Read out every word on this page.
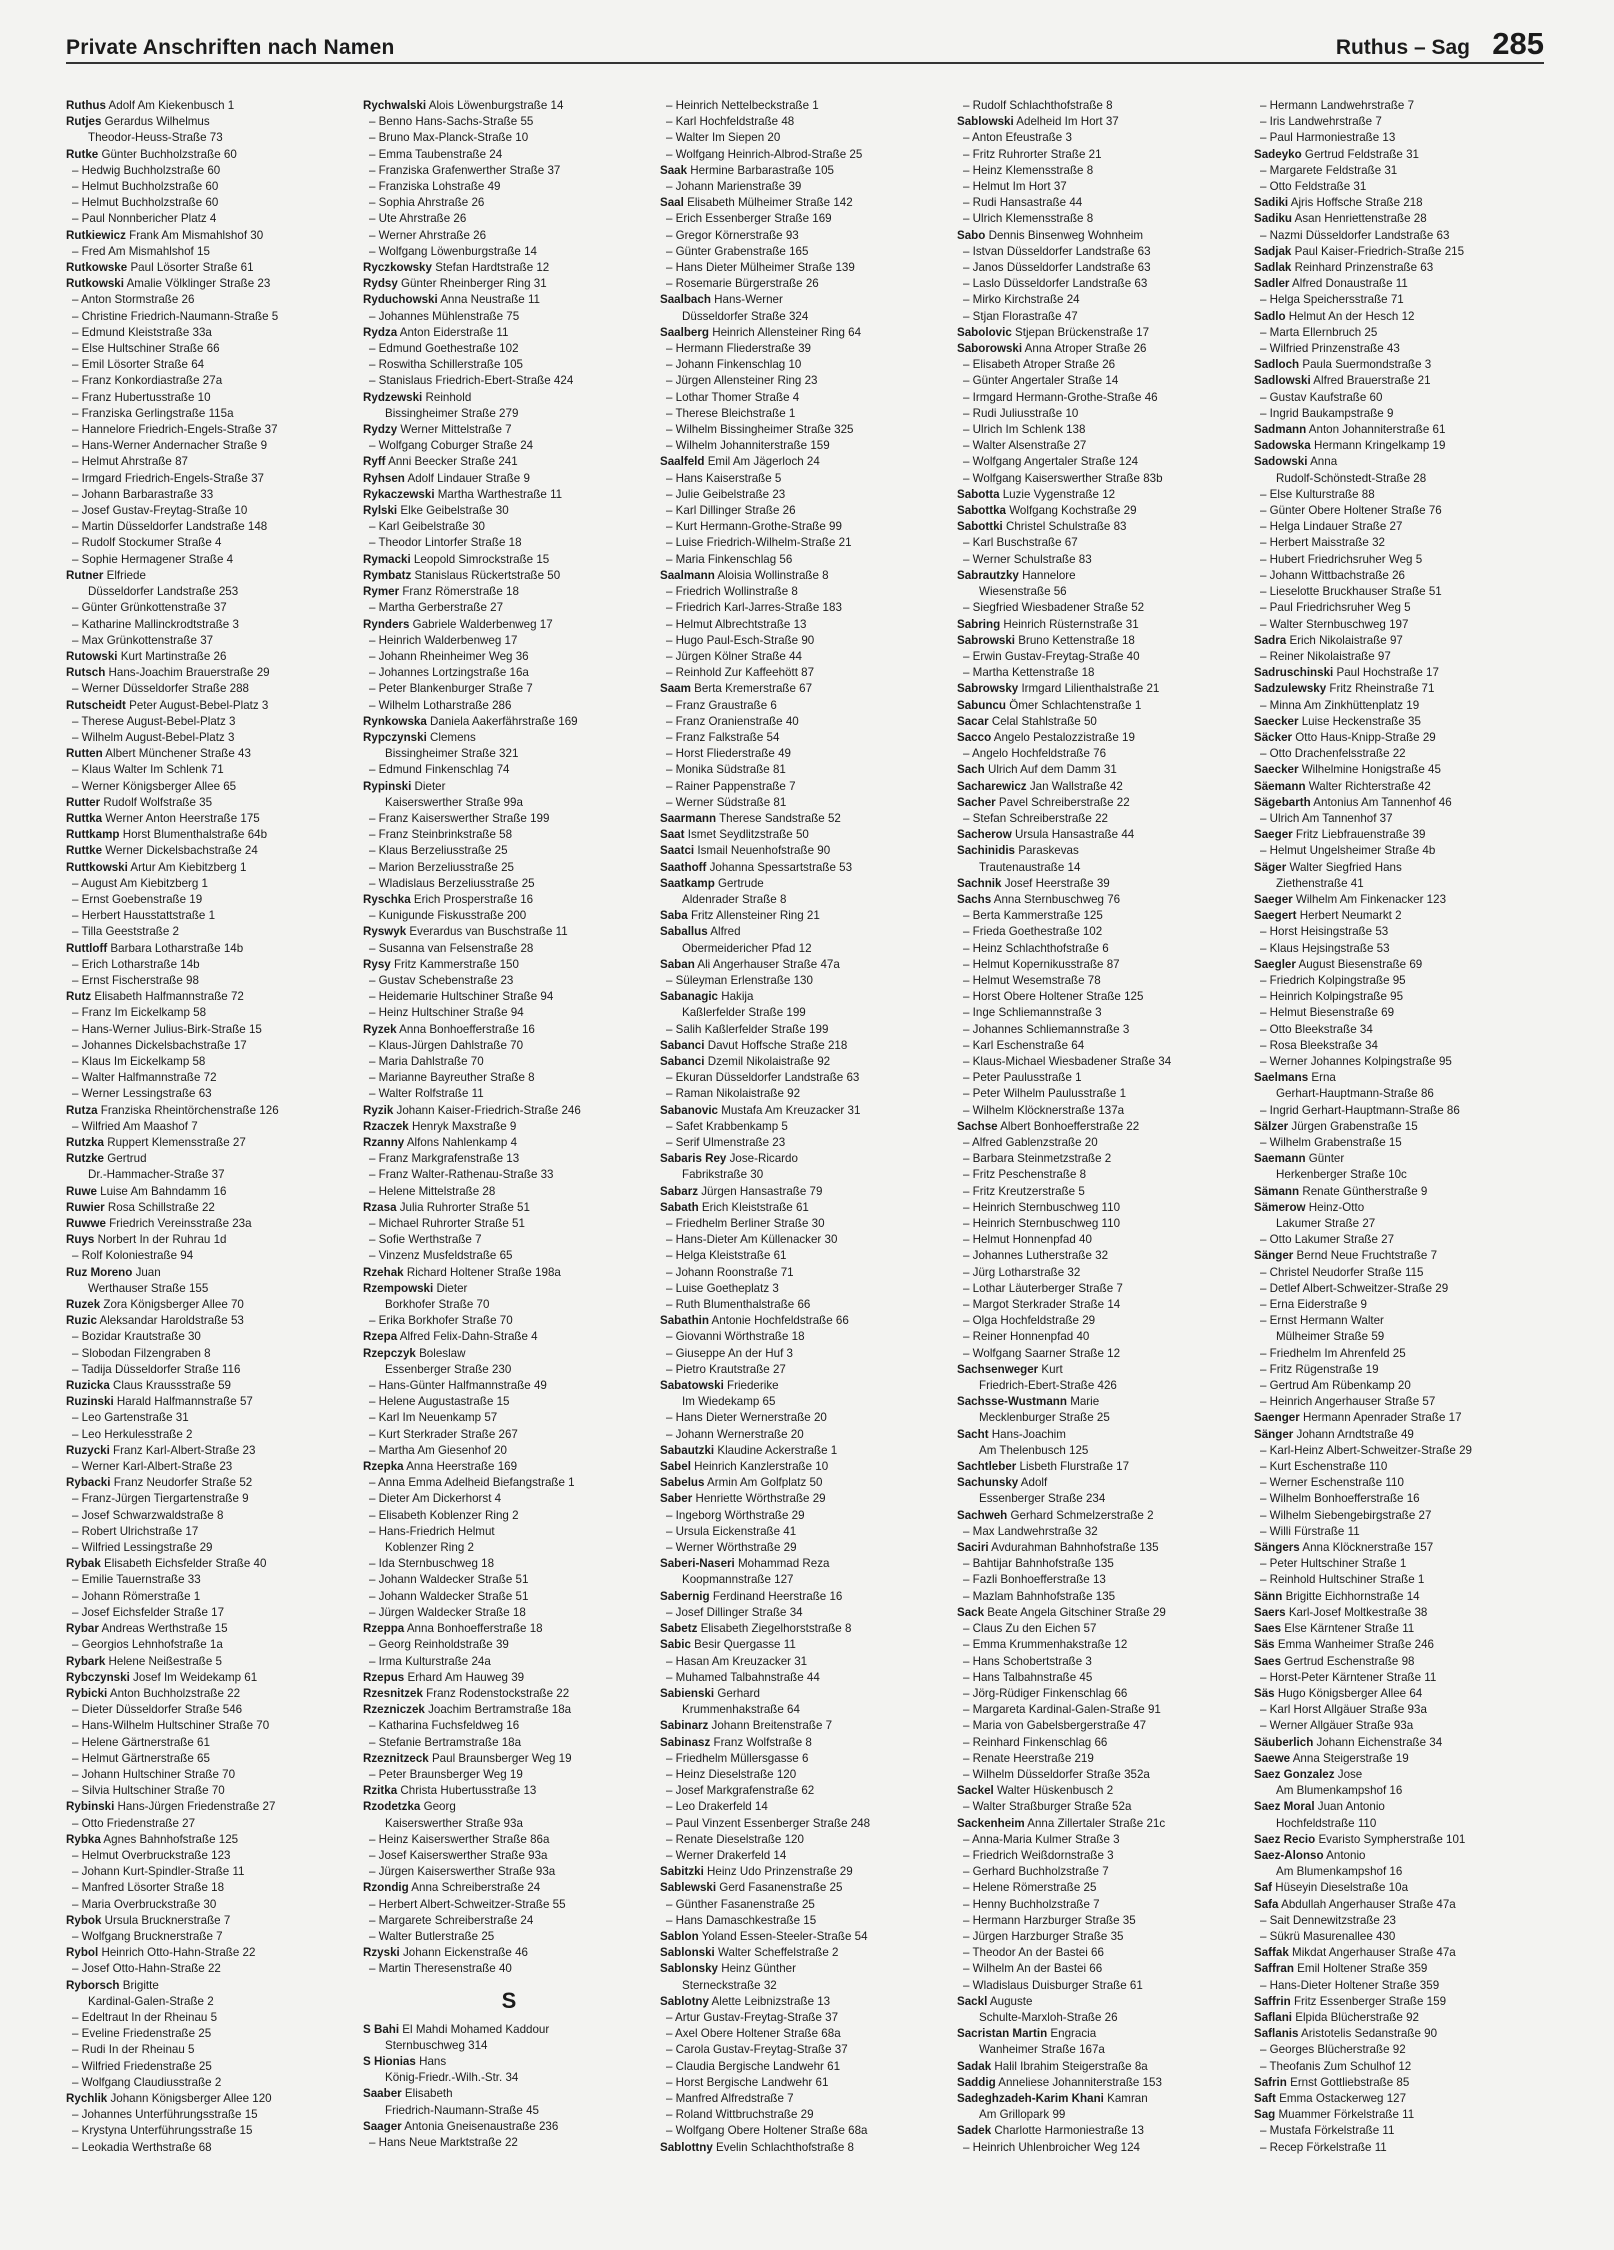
Private Anschriften nach Namen	Ruthus – Sag 285
Ruthus Adolf Am Kiekenbusch 1
Rutjes Gerardus Wilhelmus
Theodor-Heuss-Straße 73
Rutke Günter Buchholzstraße 60
– Hedwig Buchholzstraße 60
– Helmut Buchholzstraße 60
– Helmut Buchholzstraße 60
– Paul Nonnbericher Platz 4
Rutkiewicz Frank Am Mismahlshof 30
– Fred Am Mismahlshof 15
Rutkowske Paul Lösorter Straße 61
Rutkowski Amalie Völklinger Straße 23
– Anton Stormstraße 26
– Christine Friedrich-Naumann-Straße 5
– Edmund Kleiststraße 33a
– Else Hultschiner Straße 66
– Emil Lösorter Straße 64
– Franz Konkordiastraße 27a
– Franz Hubertusstraße 10
– Franziska Gerlingstraße 115a
– Hannelore Friedrich-Engels-Straße 37
– Hans-Werner Andernacher Straße 9
– Helmut Ahrstraße 87
– Irmgard Friedrich-Engels-Straße 37
– Johann Barbarastraße 33
– Josef Gustav-Freytag-Straße 10
– Martin Düsseldorfer Landstraße 148
– Rudolf Stockumer Straße 4
– Sophie Hermagener Straße 4
Rutner Elfriede
Düsseldorfer Landstraße 253
– Günter Grünkottenstraße 37
– Katharine Mallinckrodtstraße 3
– Max Grünkottenstraße 37
Rutowski Kurt Martinstraße 26
Rutsch Hans-Joachim Brauerstraße 29
– Werner Düsseldorfer Straße 288
Rutscheidt Peter August-Bebel-Platz 3
– Therese August-Bebel-Platz 3
– Wilhelm August-Bebel-Platz 3
Rutten Albert Münchener Straße 43
– Klaus Walter Im Schlenk 71
– Werner Königsberger Allee 65
Rutter Rudolf Wolfstraße 35
Ruttka Werner Anton Heerstraße 175
Ruttkamp Horst Blumenthalstraße 64b
Ruttke Werner Dickelsbachstraße 24
Ruttkowski Artur Am Kiebitzberg 1
– August Am Kiebitzberg 1
– Ernst Goebenstraße 19
– Herbert Hausstattstraße 1
– Tilla Geeststraße 2
Ruttloff Barbara Lotharstraße 14b
– Erich Lotharstraße 14b
– Ernst Fischerstraße 98
Rutz Elisabeth Halfmannstraße 72
– Franz Im Eickelkamp 58
– Hans-Werner Julius-Birk-Straße 15
– Johannes Dickelsbachstraße 17
– Klaus Im Eickelkamp 58
– Walter Halfmannstraße 72
– Werner Lessingstraße 63
Rutza Franziska Rheintörchenstraße 126
– Wilfried Am Maashof 7
Rutzka Ruppert Klemensstraße 27
Rutzke Gertrud
Dr.-Hammacher-Straße 37
Ruwe Luise Am Bahndamm 16
Ruwier Rosa Schillstraße 22
Ruwwe Friedrich Vereinsstraße 23a
Ruys Norbert In der Ruhrau 1d
– Rolf Koloniestraße 94
Ruz Moreno Juan
Werthauser Straße 155
Ruzek Zora Königsberger Allee 70
Ruzic Aleksandar Haroldstraße 53
– Bozidar Krautstraße 30
– Slobodan Filzengraben 8
– Tadija Düsseldorfer Straße 116
Ruzicka Claus Kraussstraße 59
Ruzinski Harald Halfmannstraße 57
– Leo Gartenstraße 31
– Leo Herkulesstraße 2
Ruzycki Franz Karl-Albert-Straße 23
– Werner Karl-Albert-Straße 23
Rybacki Franz Neudorfer Straße 52
– Franz-Jürgen Tiergartenstraße 9
– Josef Schwarzwaldstraße 8
– Robert Ulrichstraße 17
– Wilfried Lessingstraße 29
Rybak Elisabeth Eichsfelder Straße 40
– Emilie Tauernstraße 33
– Johann Römerstraße 1
– Josef Eichsfelder Straße 17
Rybar Andreas Werthstraße 15
– Georgios Lehnhofstraße 1a
Rybark Helene Neißestraße 5
Rybczynski Josef Im Weidekamp 61
Rybicki Anton Buchholzstraße 22
– Dieter Düsseldorfer Straße 546
– Hans-Wilhelm Hultschiner Straße 70
– Helene Gärtnerstraße 61
– Helmut Gärtnerstraße 65
– Johann Hultschiner Straße 70
– Silvia Hultschiner Straße 70
Rybinski Hans-Jürgen Friedenstraße 27
– Otto Friedenstraße 27
Rybka Agnes Bahnhofstraße 125
– Helmut Overbruckstraße 123
– Johann Kurt-Spindler-Straße 11
– Manfred Lösorter Straße 18
– Maria Overbruckstraße 30
Rybok Ursula Brucknerstraße 7
– Wolfgang Brucknerstraße 7
Rybol Heinrich Otto-Hahn-Straße 22
– Josef Otto-Hahn-Straße 22
Ryborsch Brigitte
Kardinal-Galen-Straße 2
– Edeltraut In der Rheinau 5
– Eveline Friedenstraße 25
– Rudi In der Rheinau 5
– Wilfried Friedenstraße 25
– Wolfgang Claudiusstraße 2
Rychlik Johann Königsberger Allee 120
– Johannes Unterführungsstraße 15
– Krystyna Unterführungsstraße 15
– Leokadia Werthstraße 68
Rychwalski Alois Löwenburgstraße 14
– Benno Hans-Sachs-Straße 55
– Bruno Max-Planck-Straße 10
– Emma Taubenstraße 24
– Franziska Grafenwerther Straße 37
– Franziska Lohstraße 49
– Sophia Ahrstraße 26
– Ute Ahrstraße 26
– Werner Ahrstraße 26
– Wolfgang Löwenburgstraße 14
Ryczkowsky Stefan Hardtstraße 12
Rydsy Günter Rheinberger Ring 31
Ryduchowski Anna Neustraße 11
– Johannes Mühlenstraße 75
Rydza Anton Eiderstraße 11
– Edmund Goethestraße 102
– Roswitha Schillerstraße 105
– Stanislaus Friedrich-Ebert-Straße 424
Rydzewski Reinhold
Bissingheimer Straße 279
Rydzy Werner Mittelstraße 7
– Wolfgang Coburger Straße 24
Ryff Anni Beecker Straße 241
Ryhsen Adolf Lindauer Straße 9
Rykaczewski Martha Warthestraße 11
Rylski Elke Geibelstraße 30
– Karl Geibelstraße 30
– Theodor Lintorfer Straße 18
Rymacki Leopold Simrockstraße 15
Rymbatz Stanislaus Rückertstraße 50
Rymer Franz Römerstraße 18
– Martha Gerberstraße 27
Rynders Gabriele Walderbenweg 17
– Heinrich Walderbenweg 17
– Johann Rheinheimer Weg 36
– Johannes Lortzingstraße 16a
– Peter Blankenburger Straße 7
– Wilhelm Lotharstraße 286
Rynkowska Daniela Aakerfährstraße 169
Rypczynski Clemens
Bissingheimer Straße 321
– Edmund Finkenschlag 74
Rypinski Dieter
Kaiserswerther Straße 99a
– Franz Kaiserswerther Straße 199
– Franz Steinbrinkstraße 58
– Klaus Berzeliusstraße 25
– Marion Berzeliusstraße 25
– Wladislaus Berzeliusstraße 25
Ryschka Erich Prosperstraße 16
– Kunigunde Fiskusstraße 200
Ryswyk Everardus van Buschstraße 11
– Susanna van Felsenstraße 28
Rysy Fritz Kammerstraße 150
– Gustav Schebenstraße 23
– Heidemarie Hultschiner Straße 94
– Heinz Hultschiner Straße 94
Ryzek Anna Bonhoefferstraße 16
– Klaus-Jürgen Dahlstraße 70
– Maria Dahlstraße 70
– Marianne Bayreuther Straße 8
– Walter Rolfstraße 11
Ryzik Johann Kaiser-Friedrich-Straße 246
Rzaczek Henryk Maxstraße 9
Rzanny Alfons Nahlenkamp 4
– Franz Markgrafenstraße 13
– Franz Walter-Rathenau-Straße 33
– Helene Mittelstraße 28
Rzasa Julia Ruhrorter Straße 51
– Michael Ruhrorter Straße 51
– Sofie Werthstraße 7
– Vinzenz Musfeldstraße 65
Rzehak Richard Holtener Straße 198a
Rzempowski Dieter
Borkhofer Straße 70
– Erika Borkhofer Straße 70
Rzepa Alfred Felix-Dahn-Straße 4
Rzepczyk Boleslaw
Essenberger Straße 230
– Hans-Günter Halfmannstraße 49
– Helene Augustastraße 15
– Karl Im Neuenkamp 57
– Kurt Sterkrader Straße 267
– Martha Am Giesenhof 20
Rzepka Anna Heerstraße 169
– Anna Emma Adelheid Biefangstraße 1
– Dieter Am Dickerhorst 4
– Elisabeth Koblenzer Ring 2
– Hans-Friedrich Helmut
Koblenzer Ring 2
– Ida Sternbuschweg 18
– Johann Waldecker Straße 51
– Johann Waldecker Straße 51
– Jürgen Waldecker Straße 18
Rzeppa Anna Bonhoefferstraße 18
– Georg Reinholdstraße 39
– Irma Kulturstraße 24a
Rzepus Erhard Am Hauweg 39
Rzesnitzek Franz Rodenstockstraße 22
Rzezniczek Joachim Bertramstraße 18a
– Katharina Fuchsfeldweg 16
– Stefanie Bertramstraße 18a
Rzeznitzeck Paul Braunsberger Weg 19
– Peter Braunsberger Weg 19
Rzitka Christa Hubertusstraße 13
Rzodetzka Georg
Kaiserswerther Straße 93a
– Heinz Kaiserswerther Straße 86a
– Josef Kaiserswerther Straße 93a
– Jürgen Kaiserswerther Straße 93a
Rzondig Anna Schreiberstraße 24
– Herbert Albert-Schweitzer-Straße 55
– Margarete Schreiberstraße 24
– Walter Butlerstraße 25
Rzyski Johann Eickenstraße 46
– Martin Theresenstraße 40
S
S Bahi El Mahdi Mohamed Kaddour
Sternbuschweg 314
S Hionias Hans
König-Friedr.-Wilh.-Str. 34
Saaber Elisabeth
Friedrich-Naumann-Straße 45
Saager Antonia Gneisenaustraße 236
– Hans Neue Marktstraße 22
– Heinrich Nettelbeckstraße 1
– Karl Hochfeldstraße 48
– Walter Im Siepen 20
– Wolfgang Heinrich-Albrod-Straße 25
Saak Hermine Barbarastraße 105
– Johann Marienstraße 39
Saal Elisabeth Mülheimer Straße 142
– Erich Essenberger Straße 169
– Gregor Körnerstraße 93
– Günter Grabenstraße 165
– Hans Dieter Mülheimer Straße 139
– Rosemarie Bürgerstraße 26
Saalbach Hans-Werner
Düsseldorfer Straße 324
Saalberg Heinrich Allensteiner Ring 64
– Hermann Fliederstraße 39
– Johann Finkenschlag 10
– Jürgen Allensteiner Ring 23
– Lothar Thomer Straße 4
– Therese Bleichstraße 1
– Wilhelm Bissingheimer Straße 325
– Wilhelm Johanniterstraße 159
Saalfeld Emil Am Jägerloch 24
– Hans Kaiserstraße 5
– Julie Geibelstraße 23
– Karl Dillinger Straße 26
– Kurt Hermann-Grothe-Straße 99
– Luise Friedrich-Wilhelm-Straße 21
– Maria Finkenschlag 56
Saalmann Aloisia Wollinstraße 8
– Friedrich Wollinstraße 8
– Friedrich Karl-Jarres-Straße 183
– Helmut Albrechtstraße 13
– Hugo Paul-Esch-Straße 90
– Jürgen Kölner Straße 44
– Reinhold Zur Kaffeehött 87
Saam Berta Kremerstraße 67
– Franz Graustraße 6
– Franz Oranienstraße 40
– Franz Falkstraße 54
– Horst Fliederstraße 49
– Monika Südstraße 81
– Rainer Pappenstraße 7
– Werner Südstraße 81
Saarmann Therese Sandstraße 52
Saat Ismet Seydlitzstraße 50
Saatci Ismail Neuenhofstraße 90
Saathoff Johanna Spessartstraße 53
Saatkamp Gertrude
Aldenrader Straße 8
Saba Fritz Allensteiner Ring 21
Saballus Alfred
Obermeidericher Pfad 12
Saban Ali Angerhauser Straße 47a
– Süleyman Erlenstraße 130
Sabanagic Hakija
Kaßlerfelder Straße 199
– Salih Kaßlerfelder Straße 199
Sabanci Davut Hoffsche Straße 218
Sabanci Dzemil Nikolaistraße 92
– Ekuran Düsseldorfer Landstraße 63
– Raman Nikolaistraße 92
Sabanovic Mustafa Am Kreuzacker 31
– Safet Krabbenkamp 5
– Serif Ulmenstraße 23
Sabaris Rey Jose-Ricardo
Fabrikstraße 30
Sabarz Jürgen Hansastraße 79
Sabath Erich Kleiststraße 61
– Friedhelm Berliner Straße 30
– Hans-Dieter Am Küllenacker 30
– Helga Kleiststraße 61
– Johann Roonstraße 71
– Luise Goetheplatz 3
– Ruth Blumenthalstraße 66
Sabathin Antonie Hochfeldstraße 66
– Giovanni Wörthstraße 18
– Giuseppe An der Huf 3
– Pietro Krautstraße 27
Sabatowski Friederike
Im Wiedekamp 65
– Hans Dieter Wernerstraße 20
– Johann Wernerstraße 20
Sabautzki Klaudine Ackerstraße 1
Sabel Heinrich Kanzlerstraße 10
Sabelus Armin Am Golfplatz 50
Saber Henriette Wörthstraße 29
– Ingeborg Wörthstraße 29
– Ursula Eickenstraße 41
– Werner Wörthstraße 29
Saberi-Naseri Mohammad Reza
Koopmannstraße 127
Sabernig Ferdinand Heerstraße 16
– Josef Dillinger Straße 34
Sabetz Elisabeth Ziegelhorststraße 8
Sabic Besir Quergasse 11
– Hasan Am Kreuzacker 31
– Muhamed Talbahnstraße 44
Sabienski Gerhard
Krummenhakstraße 64
Sabinarz Johann Breitenstraße 7
Sabinasz Franz Wolfstraße 8
– Friedhelm Müllersgasse 6
– Heinz Dieselstraße 120
– Josef Markgrafenstraße 62
– Leo Drakerfeld 14
– Paul Vinzent Essenberger Straße 248
– Renate Dieselstraße 120
– Werner Drakerfeld 14
Sabitzki Heinz Udo Prinzenstraße 29
Sablewski Gerd Fasanenstraße 25
– Günther Fasanenstraße 25
– Hans Damaschkestraße 15
Sablon Yoland Essen-Steeler-Straße 54
Sablonski Walter Scheffelstraße 2
Sablonsky Heinz Günther
Sterneckstraße 32
Sablotny Alette Leibnizstraße 13
– Artur Gustav-Freytag-Straße 37
– Axel Obere Holtener Straße 68a
– Carola Gustav-Freytag-Straße 37
– Claudia Bergische Landwehr 61
– Horst Bergische Landwehr 61
– Manfred Alfredstraße 7
– Roland Wittbruchstraße 29
– Wolfgang Obere Holtener Straße 68a
Sablottny Evelin Schlachthofstraße 8
– Rudolf Schlachthofstraße 8
Sablowski Adelheid Im Hort 37
– Anton Efeustraße 3
– Fritz Ruhrorter Straße 21
– Heinz Klemensstraße 8
– Helmut Im Hort 37
– Rudi Hansastraße 44
– Ulrich Klemensstraße 8
Sabo Dennis Binsenweg Wohnheim
– Istvan Düsseldorfer Landstraße 63
– Janos Düsseldorfer Landstraße 63
– Laslo Düsseldorfer Landstraße 63
– Mirko Kirchstraße 24
– Stjan Florastraße 47
Sabolovic Stjepan Brückenstraße 17
Saborowski Anna Atroper Straße 26
– Elisabeth Atroper Straße 26
– Günter Angertaler Straße 14
– Irmgard Hermann-Grothe-Straße 46
– Rudi Juliusstraße 10
– Ulrich Im Schlenk 138
– Walter Alsenstraße 27
– Wolfgang Angertaler Straße 124
– Wolfgang Kaiserswerther Straße 83b
Sabotta Luzie Vygenstraße 12
Sabottka Wolfgang Kochstraße 29
Sabottki Christel Schulstraße 83
– Karl Buschstraße 67
– Werner Schulstraße 83
Sabrautzky Hannelore
Wiesenstraße 56
– Siegfried Wiesbadener Straße 52
Sabring Heinrich Rüsternstraße 31
Sabrowski Bruno Kettenstraße 18
– Erwin Gustav-Freytag-Straße 40
– Martha Kettenstraße 18
Sabrowsky Irmgard Lilienthalstraße 21
Sabuncu Ömer Schlachtenstraße 1
Sacar Celal Stahlstraße 50
Sacco Angelo Pestalozzistraße 19
– Angelo Hochfeldstraße 76
Sach Ulrich Auf dem Damm 31
Sacharewicz Jan Wallstraße 42
Sacher Pavel Schreiberstraße 22
– Stefan Schreiberstraße 22
Sacherow Ursula Hansastraße 44
Sachinidis Paraskevas
Trautenaustraße 14
Sachnik Josef Heerstraße 39
Sachs Anna Sternbuschweg 76
– Berta Kammerstraße 125
– Frieda Goethestraße 102
– Heinz Schlachthofstraße 6
– Helmut Kopernikusstraße 87
– Helmut Wesemstraße 78
– Horst Obere Holtener Straße 125
– Inge Schliemannstraße 3
– Johannes Schliemannstraße 3
– Karl Eschenstraße 64
– Klaus-Michael Wiesbadener Straße 34
– Peter Paulusstraße 1
– Peter Wilhelm Paulusstraße 1
– Wilhelm Klöcknerstraße 137a
Sachse Albert Bonhoefferstraße 22
– Alfred Gablenzstraße 20
– Barbara Steinmetzstraße 2
– Fritz Peschenstraße 8
– Fritz Kreutzerstraße 5
– Heinrich Sternbuschweg 110
– Heinrich Sternbuschweg 110
– Helmut Honnenpfad 40
– Johannes Lutherstraße 32
– Jürg Lotharstraße 32
– Lothar Läuterberger Straße 7
– Margot Sterkrader Straße 14
– Olga Hochfeldstraße 29
– Reiner Honnenpfad 40
– Wolfgang Saarner Straße 12
Sachsenweger Kurt
Friedrich-Ebert-Straße 426
Sachsse-Wustmann Marie
Mecklenburger Straße 25
Sacht Hans-Joachim
Am Thelenbusch 125
Sachtleber Lisbeth Flurstraße 17
Sachunsky Adolf
Essenberger Straße 234
Sachweh Gerhard Schmelzerstraße 2
– Max Landwehrstraße 32
Saciri Avdurahman Bahnhofstraße 135
– Bahtijar Bahnhofstraße 135
– Fazli Bonhoefferstraße 13
– Mazlam Bahnhofstraße 135
Sack Beate Angela Gitschiner Straße 29
– Claus Zu den Eichen 57
– Emma Krummenhakstraße 12
– Hans Schobertstraße 3
– Hans Talbahnstraße 45
– Jörg-Rüdiger Finkenschlag 66
– Margareta Kardinal-Galen-Straße 91
– Maria von Gabelsbergerstraße 47
– Reinhard Finkenschlag 66
– Renate Heerstraße 219
– Wilhelm Düsseldorfer Straße 352a
Sackel Walter Hüskenbusch 2
– Walter Straßburger Straße 52a
Sackenheim Anna Zillertaler Straße 21c
– Anna-Maria Kulmer Straße 3
– Friedrich Weißdornstraße 3
– Gerhard Buchholzstraße 7
– Helene Römerstraße 25
– Henny Buchholzstraße 7
– Hermann Harzburger Straße 35
– Jürgen Harzburger Straße 35
– Theodor An der Bastei 66
– Wilhelm An der Bastei 66
– Wladislaus Duisburger Straße 61
Sackl Auguste
Schulte-Marxloh-Straße 26
Sacristan Martin Engracia
Wanheimer Straße 167a
Sadak Halil Ibrahim Steigerstraße 8a
Saddig Anneliese Johanniterstraße 153
Sadeghzadeh-Karim Khani Kamran
Am Grillopark 99
Sadek Charlotte Harmoniestraße 13
– Heinrich Uhlenbroicher Weg 124
– Hermann Landwehrstraße 7
– Iris Landwehrstraße 7
– Paul Harmoniestraße 13
Sadeyko Gertrud Feldstraße 31
– Margarete Feldstraße 31
– Otto Feldstraße 31
Sadiki Ajris Hoffsche Straße 218
Sadiku Asan Henriettenstraße 28
– Nazmi Düsseldorfer Landstraße 63
Sadjak Paul Kaiser-Friedrich-Straße 215
Sadlak Reinhard Prinzenstraße 63
Sadler Alfred Donaustraße 11
– Helga Speichersstraße 71
Sadlo Helmut An der Hesch 12
– Marta Ellernbruch 25
– Wilfried Prinzenstraße 43
Sadloch Paula Suermondstraße 3
Sadlowski Alfred Brauerstraße 21
– Gustav Kaufstraße 60
– Ingrid Baukampstraße 9
Sadmann Anton Johanniterstraße 61
Sadowska Hermann Kringelkamp 19
Sadowski Anna
Rudolf-Schönstedt-Straße 28
– Else Kulturstraße 88
– Günter Obere Holtener Straße 76
– Helga Lindauer Straße 27
– Herbert Maisstraße 32
– Hubert Friedrichsruher Weg 5
– Johann Wittbachstraße 26
– Lieselotte Bruckhauser Straße 51
– Paul Friedrichsruher Weg 5
– Walter Sternbuschweg 197
Sadra Erich Nikolaistraße 97
– Reiner Nikolaistraße 97
Sadruschinski Paul Hochstraße 17
Sadzulewsky Fritz Rheinstraße 71
– Minna Am Zinkhüttenplatz 19
Saecker Luise Heckenstraße 35
Säcker Otto Haus-Knipp-Straße 29
– Otto Drachenfelsstraße 22
Saecker Wilhelmine Honigstraße 45
Säemann Walter Richterstraße 42
Sägebarth Antonius Am Tannenhof 46
– Ulrich Am Tannenhof 37
Saeger Fritz Liebfrauenstraße 39
– Helmut Ungelsheimer Straße 4b
Säger Walter Siegfried Hans
Ziethenstraße 41
Saeger Wilhelm Am Finkenacker 123
Saegert Herbert Neumarkt 2
– Horst Heisingstraße 53
– Klaus Hejsingstraße 53
Saegler August Biesenstraße 69
– Friedrich Kolpingstraße 95
– Heinrich Kolpingstraße 95
– Helmut Biesenstraße 69
– Otto Bleekstraße 34
– Rosa Bleekstraße 34
– Werner Johannes Kolpingstraße 95
Saelmans Erna
Gerhart-Hauptmann-Straße 86
– Ingrid Gerhart-Hauptmann-Straße 86
Sälzer Jürgen Grabenstraße 15
– Wilhelm Grabenstraße 15
Saemann Günter
Herkenberger Straße 10c
Sämann Renate Güntherstraße 9
Sämerow Heinz-Otto
Lakumer Straße 27
– Otto Lakumer Straße 27
Sänger Bernd Neue Fruchtstraße 7
– Christel Neudorfer Straße 115
– Detlef Albert-Schweitzer-Straße 29
– Erna Eiderstraße 9
– Ernst Hermann Walter
Mülheimer Straße 59
– Friedhelm Im Ahrenfeld 25
– Fritz Rügenstraße 19
– Gertrud Am Rübenkamp 20
– Heinrich Angerhauser Straße 57
Saenger Hermann Apenrader Straße 17
Sänger Johann Arndtstraße 49
– Karl-Heinz Albert-Schweitzer-Straße 29
– Kurt Eschenstraße 110
– Werner Eschenstraße 110
– Wilhelm Bonhoefferstraße 16
– Wilhelm Siebengebirgstraße 27
– Willi Fürstraße 11
Sängers Anna Klöcknerstraße 157
– Peter Hultschiner Straße 1
– Reinhold Hultschiner Straße 1
Sänn Brigitte Eichhornstraße 14
Saers Karl-Josef Moltkestraße 38
Saes Else Kärntener Straße 11
Säs Emma Wanheimer Straße 246
Saes Gertrud Eschenstraße 98
– Horst-Peter Kärntener Straße 11
Säs Hugo Königsberger Allee 64
– Karl Horst Allgäuer Straße 93a
– Werner Allgäuer Straße 93a
Säuberlich Johann Eichenstraße 34
Saewe Anna Steigerstraße 19
Saez Gonzalez Jose
Am Blumenkampshof 16
Saez Moral Juan Antonio
Hochfeldstraße 110
Saez Recio Evaristo Sympherstraße 101
Saez-Alonso Antonio
Am Blumenkampshof 16
Saf Hüseyin Dieselstraße 10a
Safa Abdullah Angerhauser Straße 47a
– Sait Dennewitzstraße 23
– Sükrü Masurenallee 430
Saffak Mikdat Angerhauser Straße 47a
Saffran Emil Holtener Straße 359
– Hans-Dieter Holtener Straße 359
Saffrin Fritz Essenberger Straße 159
Saflani Elpida Blücherstraße 92
Saflanis Aristotelis Sedanstraße 90
– Georges Blücherstraße 92
– Theofanis Zum Schulhof 12
Safrin Ernst Gottliebstraße 85
Saft Emma Ostackerweg 127
Sag Muammer Förkelstraße 11
– Mustafa Förkelstraße 11
– Recep Förkelstraße 11
